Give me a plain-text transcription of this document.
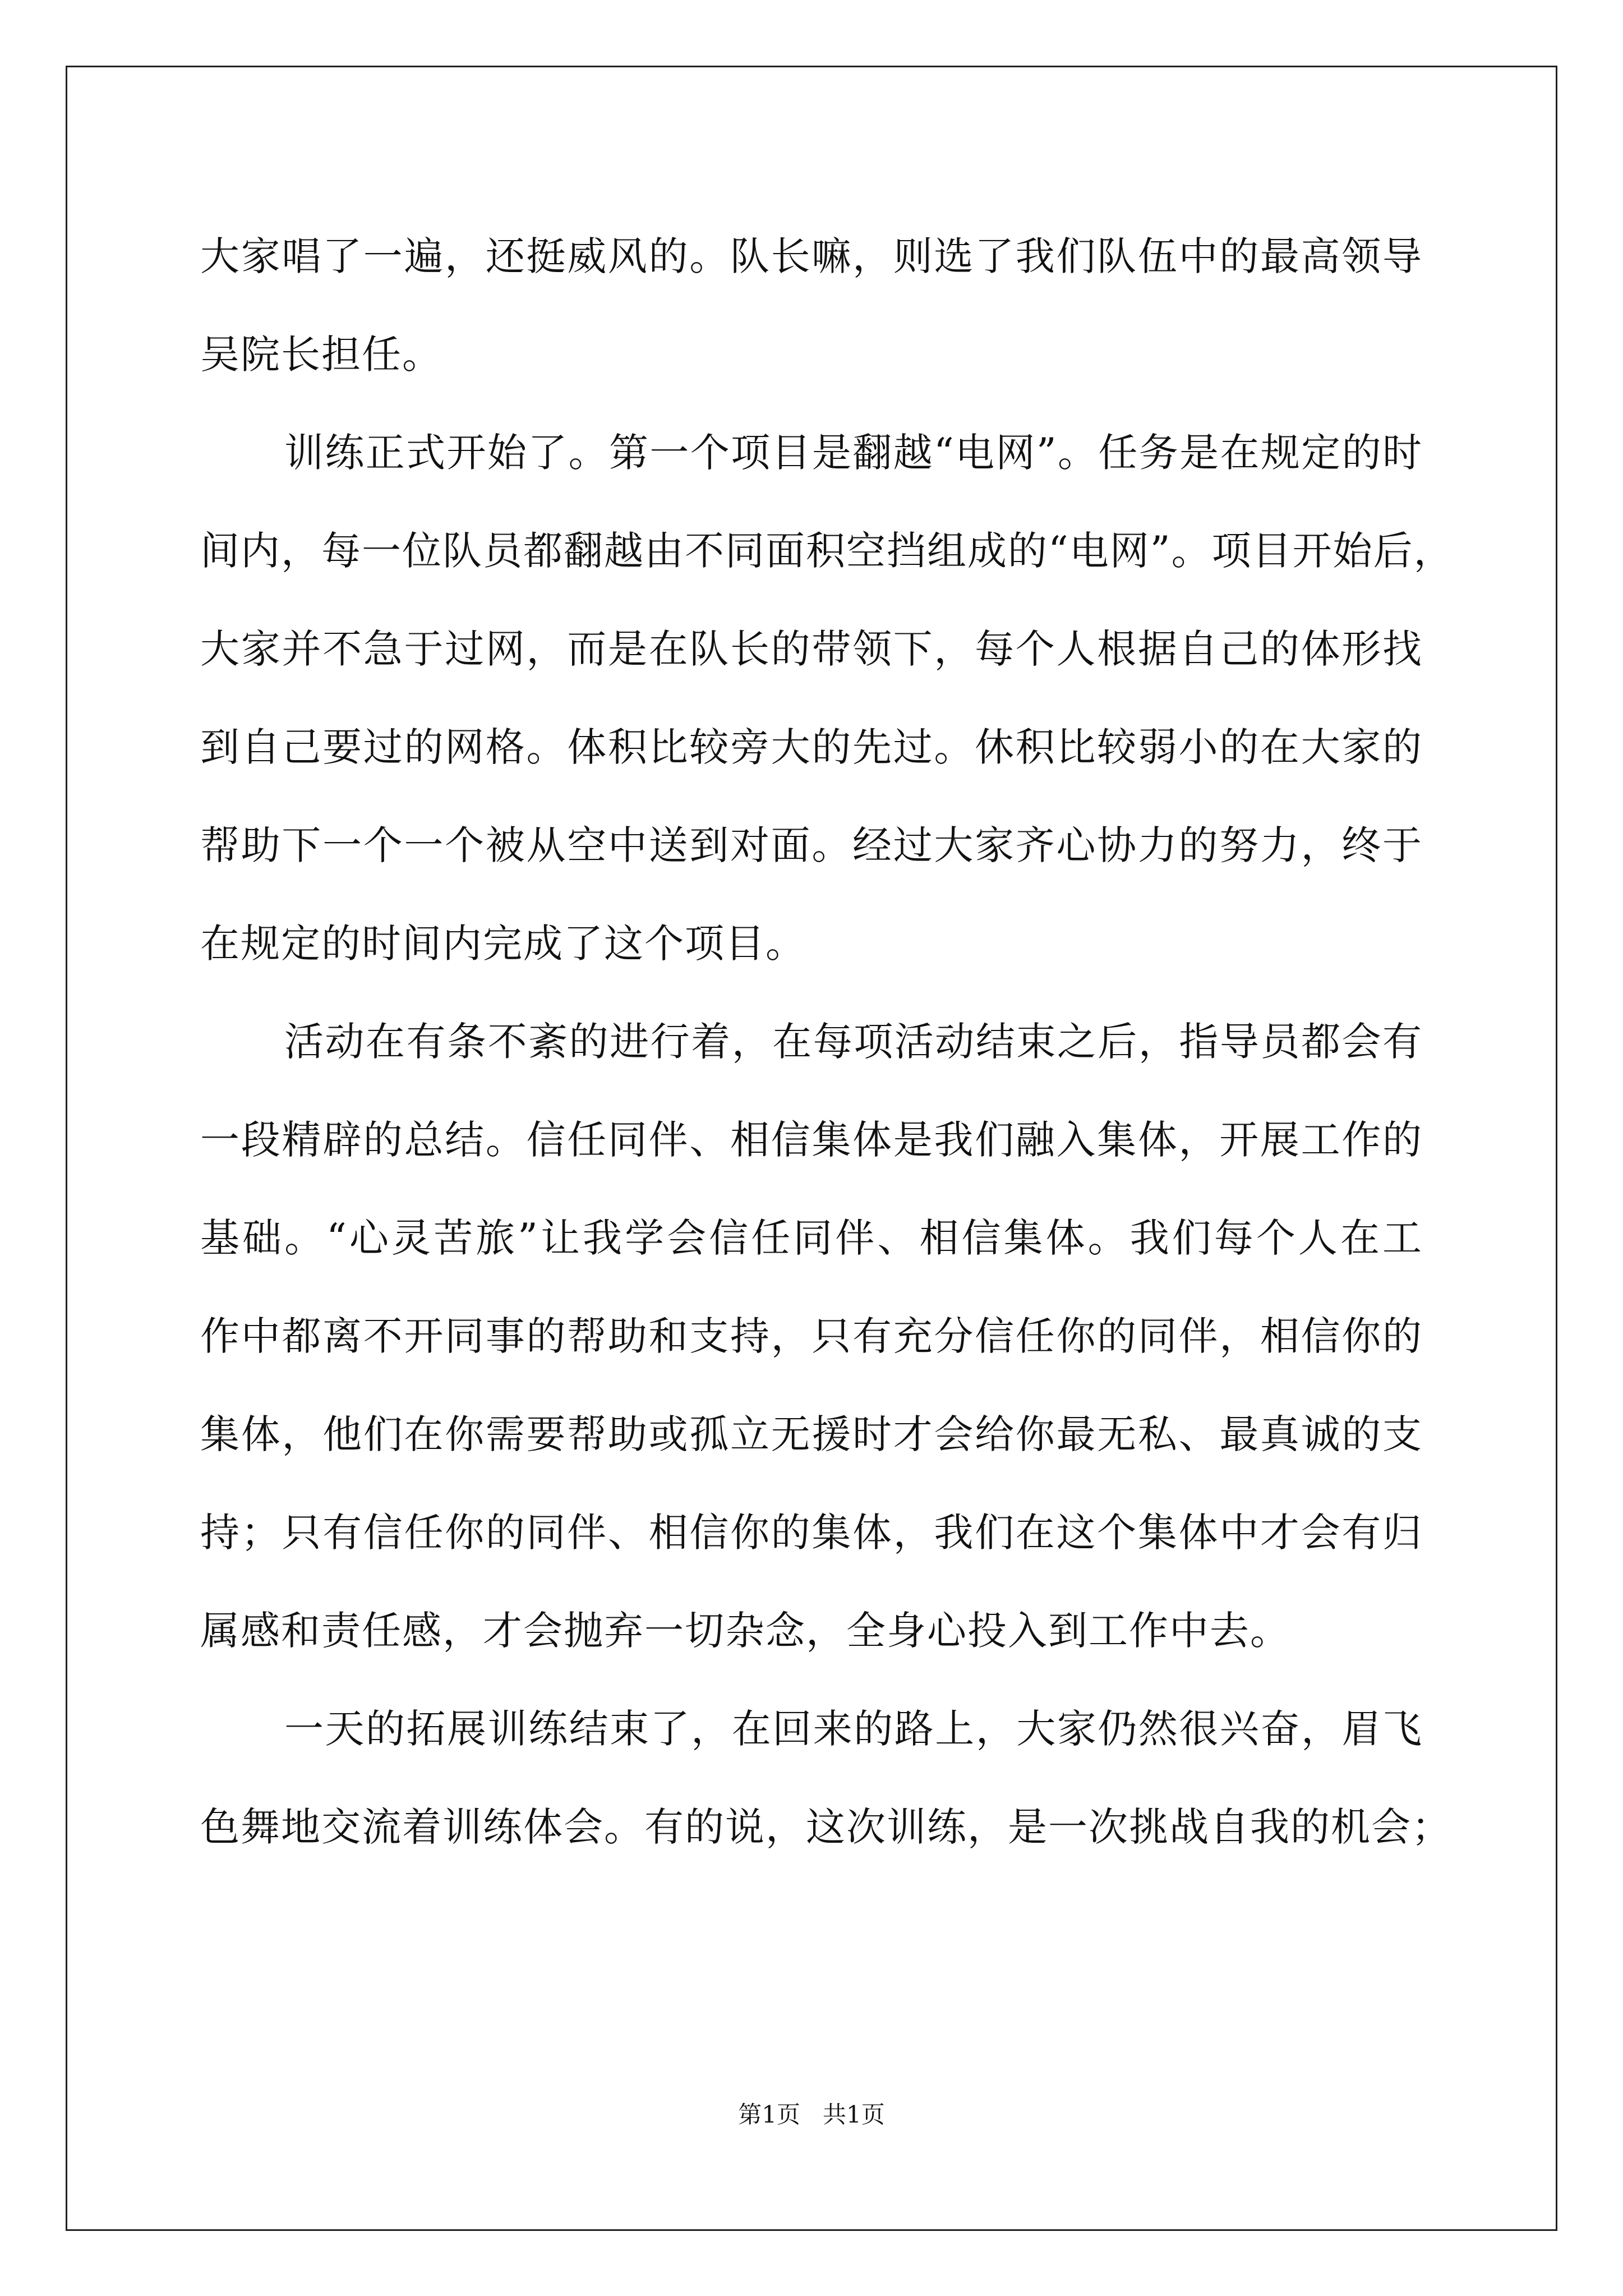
大家唱了一遍，还挺威风的。队长嘛，则选了我们队伍中的最高领导
吴院长担任。
训练正式开始了。第一个项目是翻越“电网”。任务是在规定的时
间内，每一位队员都翻越由不同面积空挡组成的“电网”。项目开始后，
大家并不急于过网，而是在队长的带领下，每个人根据自己的体形找
到自己要过的网格。体积比较旁大的先过。休积比较弱小的在大家的
帮助下一个一个被从空中送到对面。经过大家齐心协力的努力，终于
在规定的时间内完成了这个项目。
活动在有条不紊的进行着，在每项活动结束之后，指导员都会有
一段精辟的总结。信任同伴、相信集体是我们融入集体，开展工作的
基础。“心灵苦旅”让我学会信任同伴、相信集体。我们每个人在工
作中都离不开同事的帮助和支持，只有充分信任你的同伴，相信你的
集体，他们在你需要帮助或孤立无援时才会给你最无私、最真诚的支
持；只有信任你的同伴、相信你的集体，我们在这个集体中才会有归
属感和责任感，才会抛弃一切杂念，全身心投入到工作中去。
一天的拓展训练结束了，在回来的路上，大家仍然很兴奋，眉飞
色舞地交流着训练体会。有的说，这次训练，是一次挑战自我的机会；
第1页 共1页
